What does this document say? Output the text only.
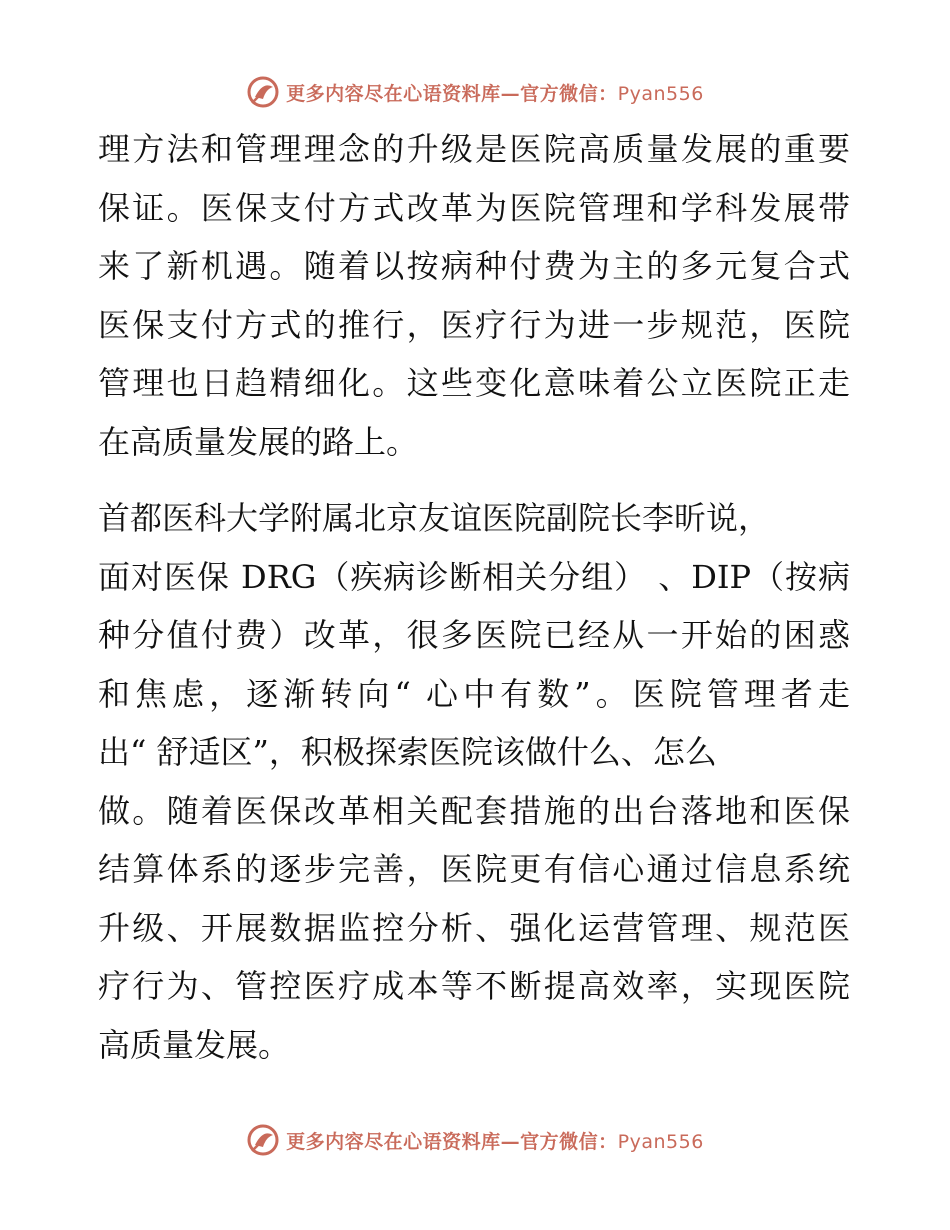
更多内容尽在心语资料库—官方微信：Pyan556
理方法和管理理念的升级是医院高质量发展的重要
保证。医保支付方式改革为医院管理和学科发展带
来了新机遇。随着以按病种付费为主的多元复合式
医保支付方式的推行，医疗行为进一步规范，医院
管理也日趋精细化。这些变化意味着公立医院正走
在高质量发展的路上。
首都医科大学附属北京友谊医院副院长李昕说，
面对医保 DRG（疾病诊断相关分组） 、DIP（按病
种分值付费）改革，很多医院已经从一开始的困惑
和焦虑，逐渐转向“ 心中有数”。医院管理者走
出“ 舒适区”，积极探索医院该做什么、怎么
做。随着医保改革相关配套措施的出台落地和医保
结算体系的逐步完善，医院更有信心通过信息系统
升级、开展数据监控分析、强化运营管理、规范医
疗行为、管控医疗成本等不断提高效率，实现医院
高质量发展。
更多内容尽在心语资料库—官方微信：Pyan556
